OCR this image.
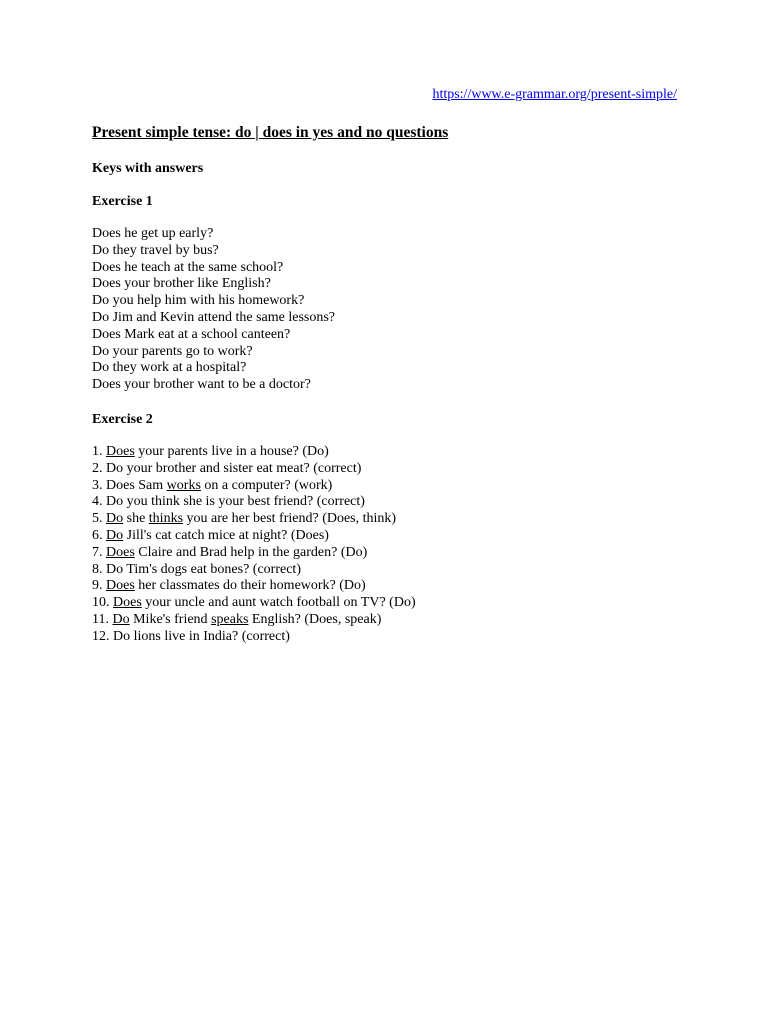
https://www.e-grammar.org/present-simple/
Present simple tense: do | does in yes and no questions
Keys with answers
Exercise 1
Does he get up early?
Do they travel by bus?
Does he teach at the same school?
Does your brother like English?
Do you help him with his homework?
Do Jim and Kevin attend the same lessons?
Does Mark eat at a school canteen?
Do your parents go to work?
Do they work at a hospital?
Does your brother want to be a doctor?
Exercise 2
1. Does your parents live in a house? (Do)
2. Do your brother and sister eat meat? (correct)
3. Does Sam works on a computer? (work)
4. Do you think she is your best friend? (correct)
5. Do she thinks you are her best friend? (Does, think)
6. Do Jill's cat catch mice at night? (Does)
7. Does Claire and Brad help in the garden? (Do)
8. Do Tim's dogs eat bones? (correct)
9. Does her classmates do their homework? (Do)
10. Does your uncle and aunt watch football on TV? (Do)
11. Do Mike's friend speaks English? (Does, speak)
12. Do lions live in India? (correct)
